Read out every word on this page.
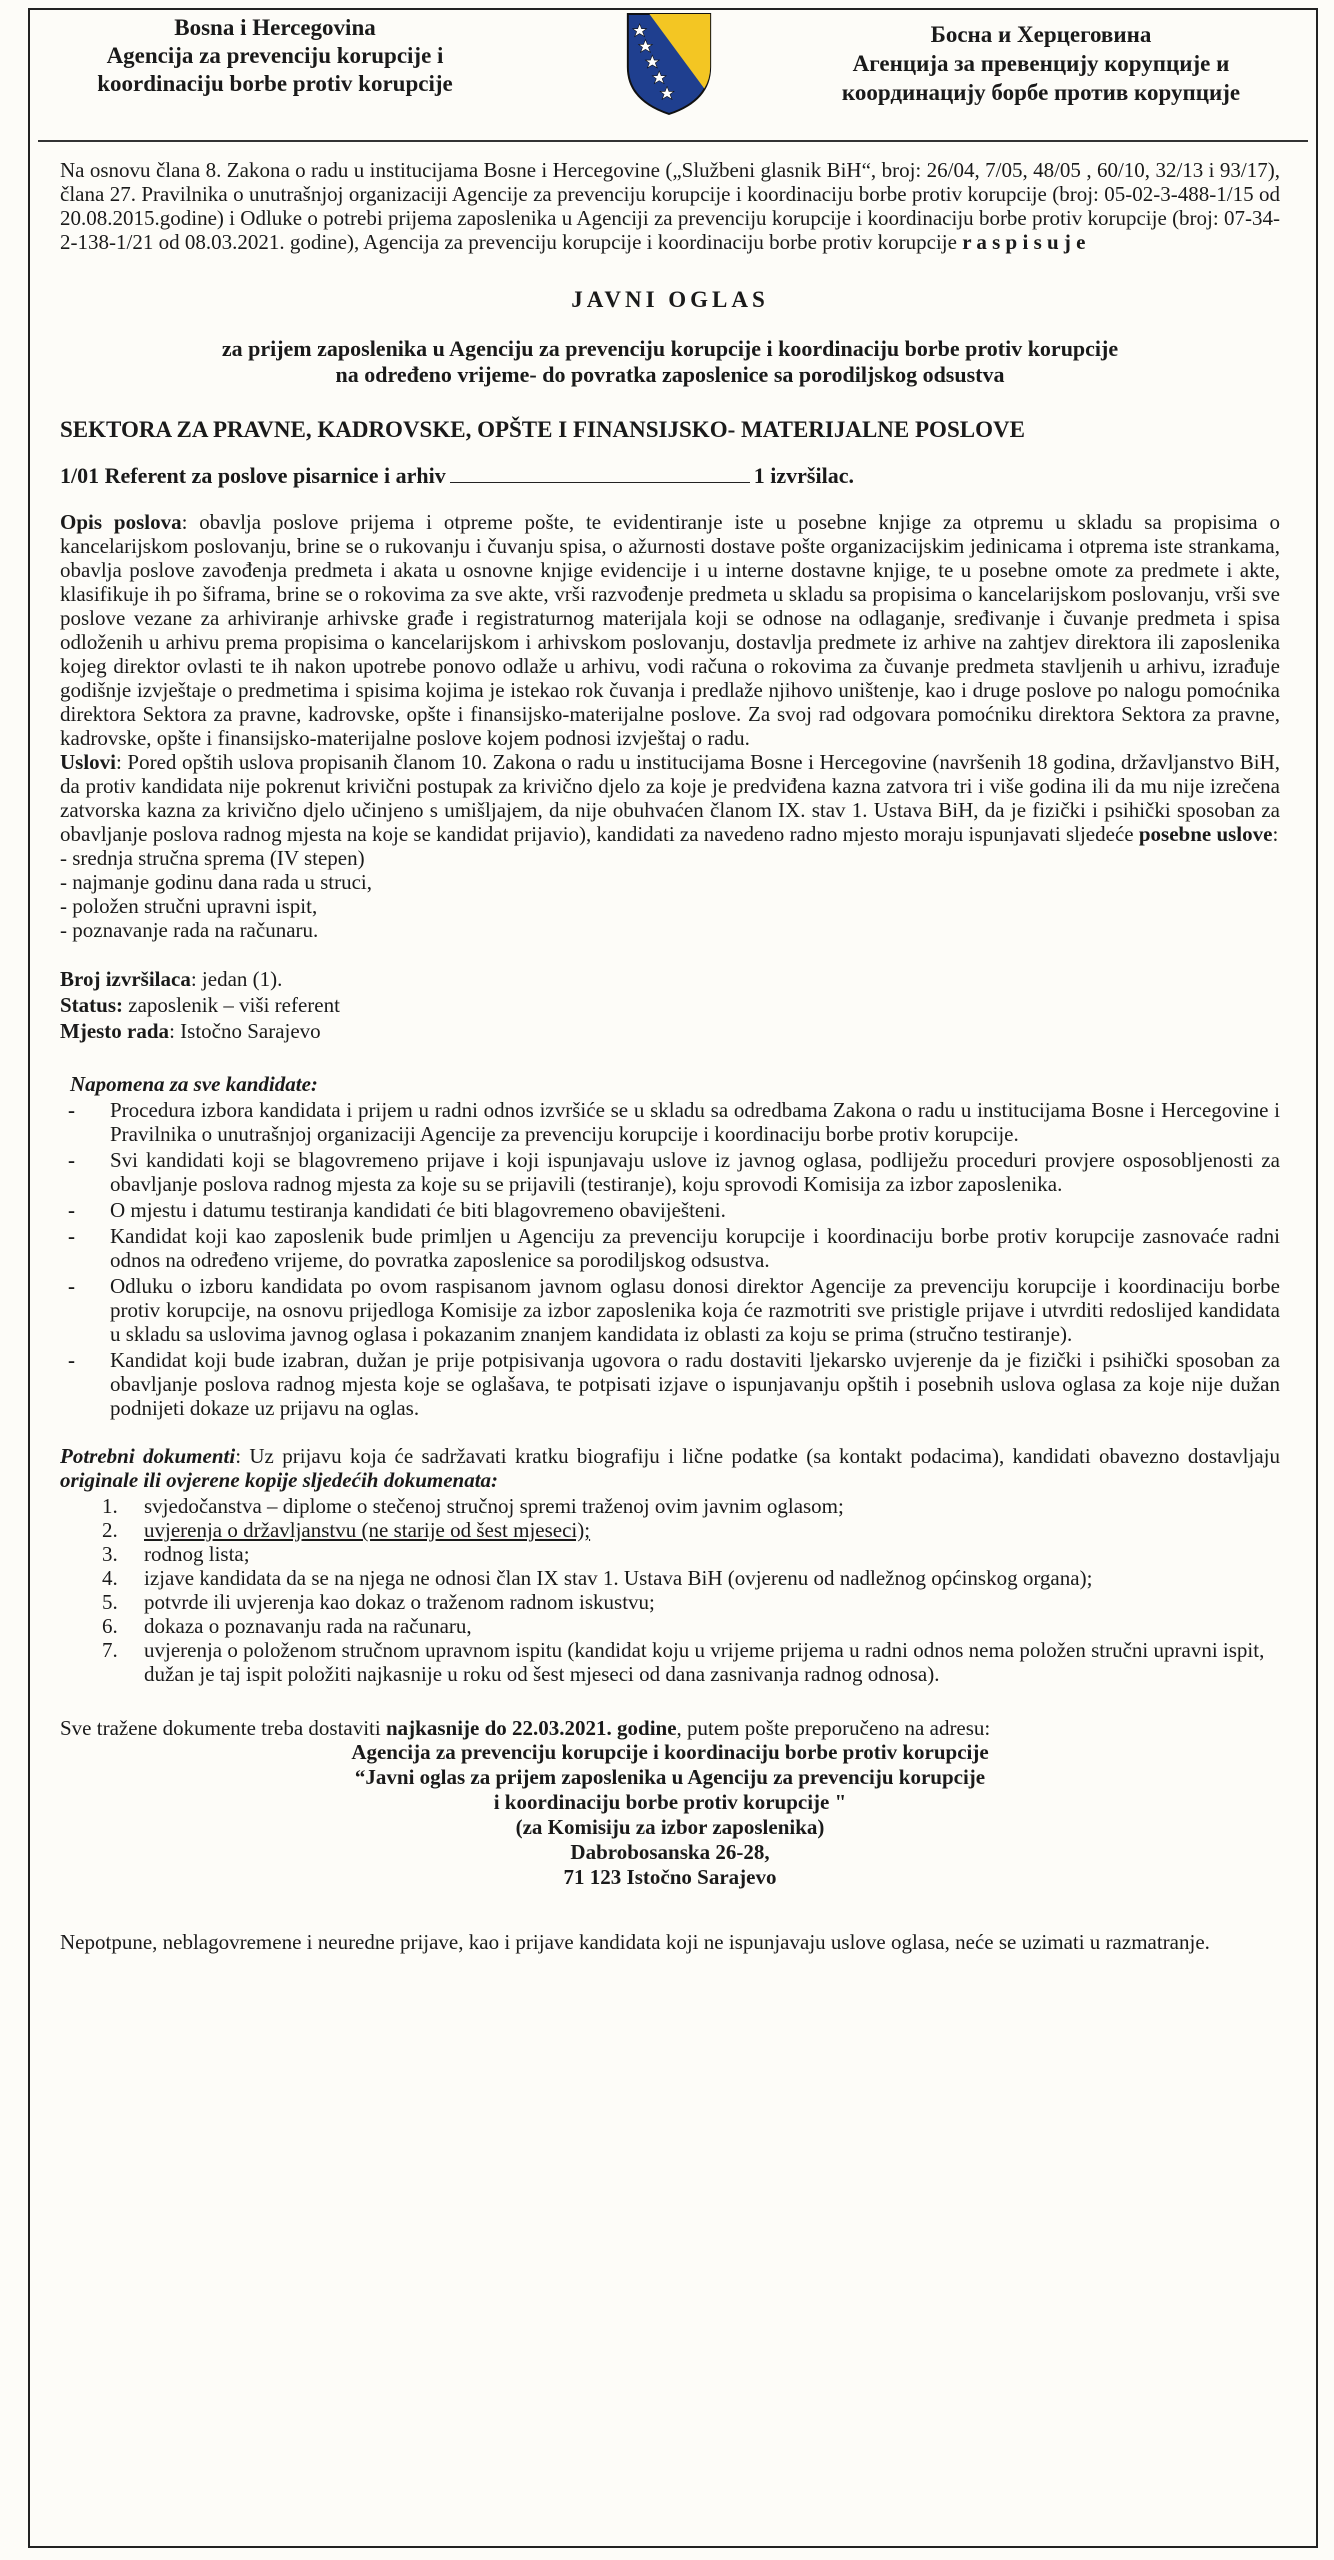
Bosna i Hercegovina
Agencija za prevenciju korupcije i
koordinaciju borbe protiv korupcije
Босна и Херцеговина
Агенција за превенцију корупције и
координацију борбе против корупције

Na osnovu člana 8. Zakona o radu u institucijama Bosne i Hercegovine („Službeni glasnik BiH“, broj: 26/04, 7/05, 48/05 , 60/10, 32/13 i 93/17), člana 27. Pravilnika o unutrašnjoj organizaciji Agencije za prevenciju korupcije i koordinaciju borbe protiv korupcije (broj: 05-02-3-488-1/15 od 20.08.2015.godine) i Odluke o potrebi prijema zaposlenika u Agenciji za prevenciju korupcije i koordinaciju borbe protiv korupcije (broj: 07-34-2-138-1/21 od 08.03.2021. godine), Agencija za prevenciju korupcije i koordinaciju borbe protiv korupcije r a s p i s u j e

JAVNI OGLAS
za prijem zaposlenika u Agenciju za prevenciju korupcije i koordinaciju borbe protiv korupcije
na određeno vrijeme- do povratka zaposlenice sa porodiljskog odsustva
SEKTORA ZA PRAVNE, KADROVSKE, OPŠTE I FINANSIJSKO- MATERIJALNE POSLOVE
1/01 Referent za poslove pisarnice i arhiv	1 izvršilac.

Opis poslova: obavlja poslove prijema i otpreme pošte, te evidentiranje iste u posebne knjige za otpremu u skladu sa propisima o kancelarijskom poslovanju, brine se o rukovanju i čuvanju spisa, o ažurnosti dostave pošte organizacijskim jedinicama i otprema iste strankama, obavlja poslove zavođenja predmeta i akata u osnovne knjige evidencije i u interne dostavne knjige, te u posebne omote za predmete i akte, klasifikuje ih po šiframa, brine se o rokovima za sve akte, vrši razvođenje predmeta u skladu sa propisima o kancelarijskom poslovanju, vrši sve poslove vezane za arhiviranje arhivske građe i registraturnog materijala koji se odnose na odlaganje, sređivanje i čuvanje predmeta i spisa odloženih u arhivu prema propisima o kancelarijskom i arhivskom poslovanju, dostavlja predmete iz arhive na zahtjev direktora ili zaposlenika kojeg direktor ovlasti te ih nakon upotrebe ponovo odlaže u arhivu, vodi računa o rokovima za čuvanje predmeta stavljenih u arhivu, izrađuje godišnje izvještaje o predmetima i spisima kojima je istekao rok čuvanja i predlaže njihovo uništenje, kao i druge poslove po nalogu pomoćnika direktora Sektora za pravne, kadrovske, opšte i finansijsko-materijalne poslove. Za svoj rad odgovara pomoćniku direktora Sektora za pravne, kadrovske, opšte i finansijsko-materijalne poslove kojem podnosi izvještaj o radu.

Uslovi: Pored opštih uslova propisanih članom 10. Zakona o radu u institucijama Bosne i Hercegovine (navršenih 18 godina, državljanstvo BiH, da protiv kandidata nije pokrenut krivični postupak za krivično djelo za koje je predviđena kazna zatvora tri i više godina ili da mu nije izrečena zatvorska kazna za krivično djelo učinjeno s umišljajem, da nije obuhvaćen članom IX. stav 1. Ustava BiH, da je fizički i psihički sposoban za obavljanje poslova radnog mjesta na koje se kandidat prijavio), kandidati za navedeno radno mjesto moraju ispunjavati sljedeće posebne uslove:

- srednja stručna sprema (IV stepen)
- najmanje godinu dana rada u struci,
- položen stručni upravni ispit,
- poznavanje rada na računaru.
Broj izvršilaca: jedan (1).
Status: zaposlenik – viši referent
Mjesto rada: Istočno Sarajevo
Napomena za sve kandidate:
- Procedura izbora kandidata i prijem u radni odnos izvršiće se u skladu sa odredbama Zakona o radu u institucijama Bosne i Hercegovine i Pravilnika o unutrašnjoj organizaciji Agencije za prevenciju korupcije i koordinaciju borbe protiv korupcije.
- Svi kandidati koji se blagovremeno prijave i koji ispunjavaju uslove iz javnog oglasa, podliježu proceduri provjere osposobljenosti za obavljanje poslova radnog mjesta za koje su se prijavili (testiranje), koju sprovodi Komisija za izbor zaposlenika.
- O mjestu i datumu testiranja kandidati će biti blagovremeno obaviješteni.
- Kandidat koji kao zaposlenik bude primljen u Agenciju za prevenciju korupcije i koordinaciju borbe protiv korupcije zasnovaće radni odnos na određeno vrijeme, do povratka zaposlenice sa porodiljskog odsustva.
- Odluku o izboru kandidata po ovom raspisanom javnom oglasu donosi direktor Agencije za prevenciju korupcije i koordinaciju borbe protiv korupcije, na osnovu prijedloga Komisije za izbor zaposlenika koja će razmotriti sve pristigle prijave i utvrditi redoslijed kandidata u skladu sa uslovima javnog oglasa i pokazanim znanjem kandidata iz oblasti za koju se prima (stručno testiranje).
- Kandidat koji bude izabran, dužan je prije potpisivanja ugovora o radu dostaviti ljekarsko uvjerenje da je fizički i psihički sposoban za obavljanje poslova radnog mjesta koje se oglašava, te potpisati izjave o ispunjavanju opštih i posebnih uslova oglasa za koje nije dužan podnijeti dokaze uz prijavu na oglas.

Potrebni dokumenti: Uz prijavu koja će sadržavati kratku biografiju i lične podatke (sa kontakt podacima), kandidati obavezno dostavljaju originale ili ovjerene kopije sljedećih dokumenata:

1. svjedočanstva – diplome o stečenoj stručnoj spremi traženoj ovim javnim oglasom;
2. uvjerenja o državljanstvu (ne starije od šest mjeseci);
3. rodnog lista;
4. izjave kandidata da se na njega ne odnosi član IX stav 1. Ustava BiH (ovjerenu od nadležnog općinskog organa);
5. potvrde ili uvjerenja kao dokaz o traženom radnom iskustvu;
6. dokaza o poznavanju rada na računaru,
7. uvjerenja o položenom stručnom upravnom ispitu (kandidat koju u vrijeme prijema u radni odnos nema položen stručni upravni ispit, dužan je taj ispit položiti najkasnije u roku od šest mjeseci od dana zasnivanja radnog odnosa).

Sve tražene dokumente treba dostaviti najkasnije do 22.03.2021. godine, putem pošte preporučeno na adresu:

Agencija za prevenciju korupcije i koordinaciju borbe protiv korupcije
“Javni oglas za prijem zaposlenika u Agenciju za prevenciju korupcije
i koordinaciju borbe protiv korupcije "
(za Komisiju za izbor zaposlenika)
Dabrobosanska 26-28,
71 123 Istočno Sarajevo

Nepotpune, neblagovremene i neuredne prijave, kao i prijave kandidata koji ne ispunjavaju uslove oglasa, neće se uzimati u razmatranje.
